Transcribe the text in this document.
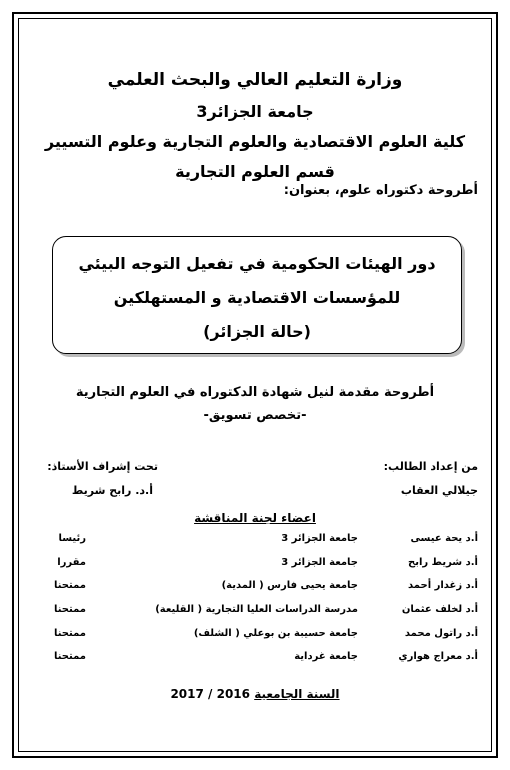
وزارة التعليم العالي والبحث العلمي
جامعة الجزائر3
كلية العلوم الاقتصادية والعلوم التجارية وعلوم التسيير
قسم العلوم التجارية
أطروحة دكتوراه علوم، بعنوان:
دور الهيئات الحكومية في تفعيل التوجه البيئي
للمؤسسات الاقتصادية و المستهلكين
(حالة الجزائر)
أطروحة مقدمة لنيل شهادة الدكتوراه في العلوم التجارية
-تخصص تسويق-
من إعداد الطالب:
تحت إشراف الأستاذ:
جيلالي العقاب
أ.د. رابح شريط
اعضاء لجنة المناقشة
أ.د يحة عيسى
جامعة الجزائر 3
رئيسا
أ.د شريط رابح
جامعة الجزائر 3
مقررا
أ.د زغدار أحمد
جامعة يحيى فارس ( المدية)
ممتحنا
أ.د لخلف عثمان
مدرسة الدراسات العليا التجارية ( القليعة)
ممتحنا
أ.د راتول محمد
جامعة حسيبة بن بوعلي ( الشلف)
ممتحنا
أ.د معراج هواري
جامعة غرداية
ممتحنا
السنة الجامعية 2016 / 2017
